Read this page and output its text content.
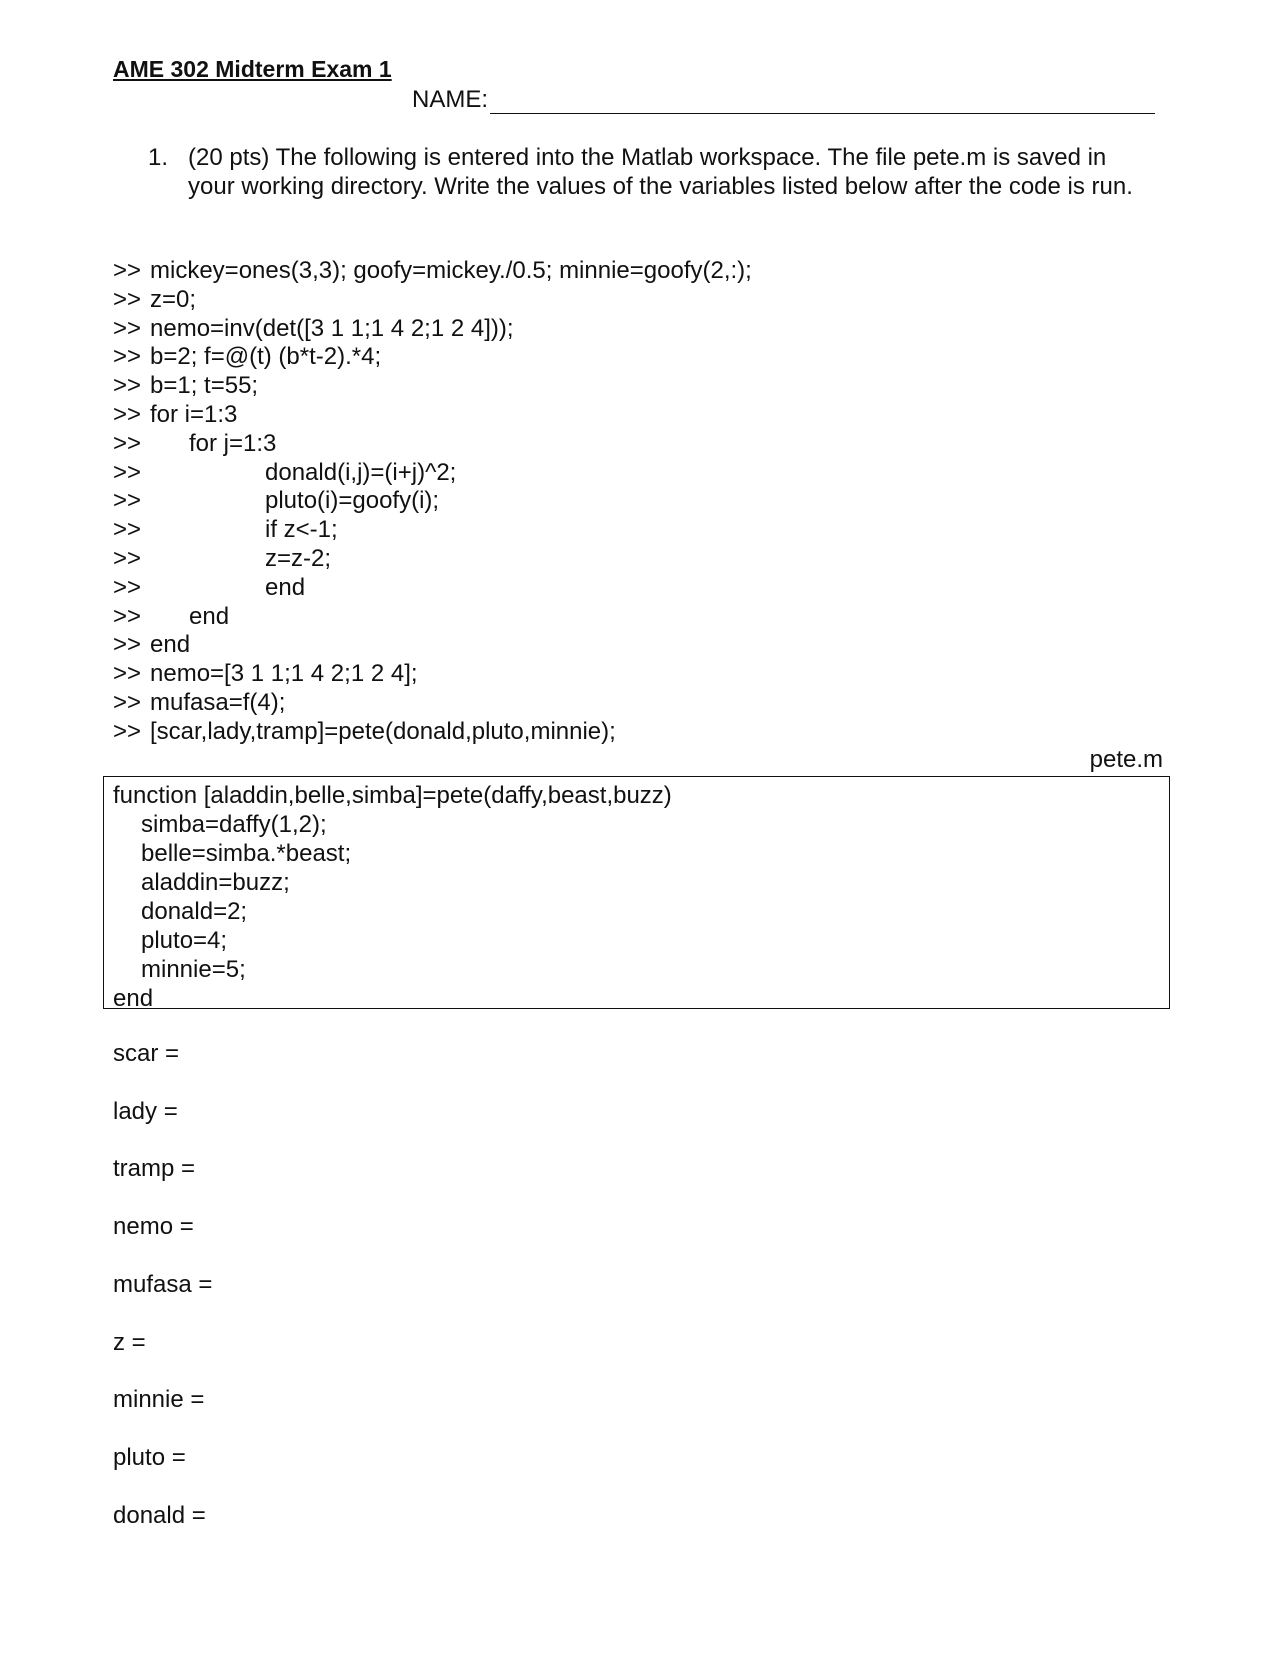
AME 302 Midterm Exam 1
NAME:
1. (20 pts) The following is entered into the Matlab workspace. The file pete.m is saved in your working directory. Write the values of the variables listed below after the code is run.
>> mickey=ones(3,3); goofy=mickey./0.5; minnie=goofy(2,:);
>> z=0;
>> nemo=inv(det([3 1 1;1 4 2;1 2 4]));
>> b=2; f=@(t) (b*t-2).*4;
>> b=1; t=55;
>> for i=1:3
>> for j=1:3
>>	donald(i,j)=(i+j)^2;
>>	pluto(i)=goofy(i);
>>	if z<-1;
>>	z=z-2;
>>	end
>> end
>> end
>> nemo=[3 1 1;1 4 2;1 2 4];
>> mufasa=f(4);
>> [scar,lady,tramp]=pete(donald,pluto,minnie);
pete.m
function [aladdin,belle,simba]=pete(daffy,beast,buzz)
simba=daffy(1,2);
belle=simba.*beast;
aladdin=buzz;
donald=2;
pluto=4;
minnie=5;
end
scar =
lady =
tramp =
nemo =
mufasa =
z =
minnie =
pluto =
donald =
